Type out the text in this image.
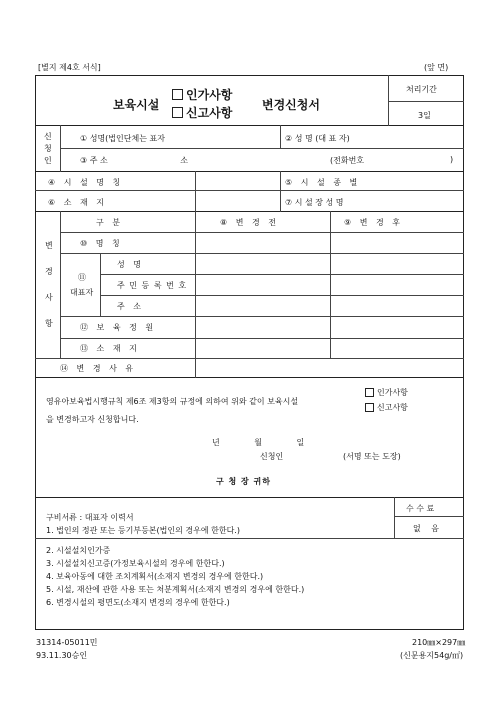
[별지 제4호 서식]	(앞 면)
보육시설
인가사항
신고사항
변경신청서
처리기간
3일
신
청
인
① 성명(법인단체는 표자	② 성 명 (대 표 자)
③ 주 소	소	(전화번호	)
④ 시 설 명 칭	⑤ 시 설 종 별
⑥ 소 재 지	⑦ 시 설 장 성 명
변
경
사
항
구 분	⑧ 변 경 전	⑨ 변 경 후
⑩ 명 칭
⑪
대표자
성 명
주 민 등 록 번 호
주 소
⑫ 보 육 정 원
⑬ 소 재 지
⑭ 변 경 사 유
영유아보육법시행규칙 제6조 제3항의 규정에 의하여 위와 같이 보육시설
을 변경하고자 신청합니다.
인가사항
신고사항
년 월 일
신청인	(서명 또는 도장)
구 청 장 귀하
구비서류 : 대표자 이력서
1. 법인의 정관 또는 등기부등본(법인의 경우에 한한다.)
2. 시설설치인가증
3. 시설설치신고증(가정보육시설의 경우에 한한다.)
4. 보육아동에 대한 조치계획서(소재지 변경의 경우에 한한다.)
5. 시설, 재산에 관한 사용 또는 처분계획서(소재지 변경의 경우에 한한다.)
6. 변경시설의 평면도(소재지 변경의 경우에 한한다.)
수 수 료
없 음
31314-05011민
93.11.30승인
210㎜×297㎜
(신문용지54g/㎡)
